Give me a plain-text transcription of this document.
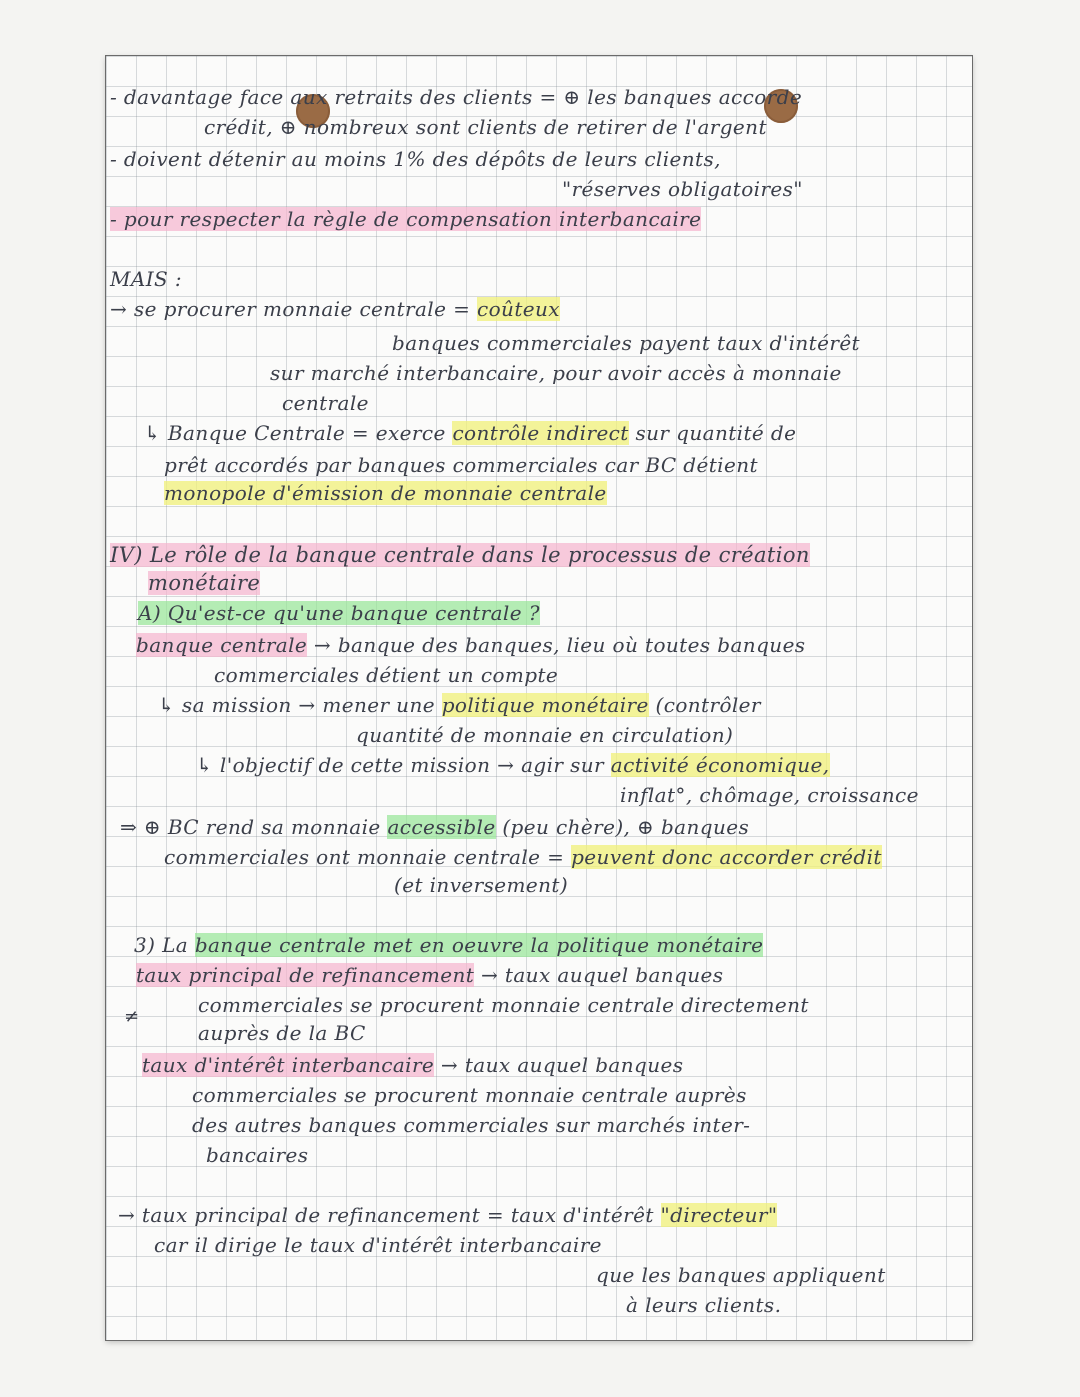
- davantage face aux retraits des clients = ⊕ les banques accorde
crédit, ⊕ nombreux sont clients de retirer de l'argent
- doivent détenir au moins 1% des dépôts de leurs clients,
"réserves obligatoires"
- pour respecter la règle de compensation interbancaire
MAIS :
→ se procurer monnaie centrale = coûteux
banques commerciales payent taux d'intérêt
sur marché interbancaire, pour avoir accès à monnaie
centrale
↳ Banque Centrale = exerce contrôle indirect sur quantité de
prêt accordés par banques commerciales car BC détient
monopole d'émission de monnaie centrale
IV) Le rôle de la banque centrale dans le processus de création
monétaire
A) Qu'est-ce qu'une banque centrale ?
banque centrale → banque des banques, lieu où toutes banques
commerciales détient un compte
↳ sa mission → mener une politique monétaire (contrôler
quantité de monnaie en circulation)
↳ l'objectif de cette mission → agir sur activité économique,
inflat°, chômage, croissance
⇒ ⊕ BC rend sa monnaie accessible (peu chère), ⊕ banques
commerciales ont monnaie centrale = peuvent donc accorder crédit
(et inversement)
3) La banque centrale met en oeuvre la politique monétaire
taux principal de refinancement → taux auquel banques
commerciales se procurent monnaie centrale directement
≠
auprès de la BC
taux d'intérêt interbancaire → taux auquel banques
commerciales se procurent monnaie centrale auprès
des autres banques commerciales sur marchés inter-
bancaires
→ taux principal de refinancement = taux d'intérêt "directeur"
car il dirige le taux d'intérêt interbancaire
que les banques appliquent
à leurs clients.
